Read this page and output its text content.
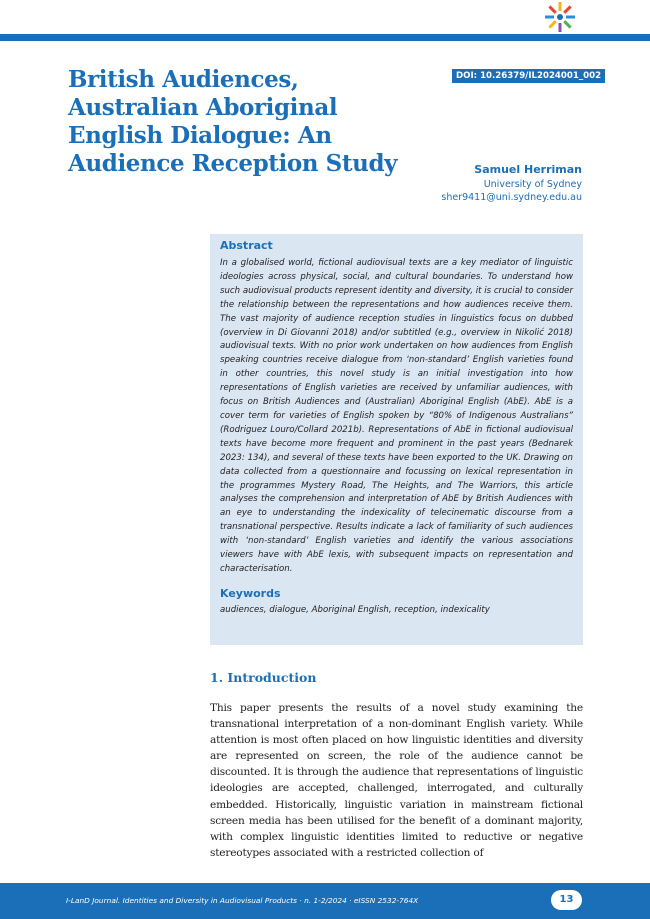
British Audiences, Australian Aboriginal English Dialogue: An Audience Reception Study
DOI: 10.26379/IL2024001_002
Samuel Herriman
University of Sydney
sher9411@uni.sydney.edu.au
Abstract

In a globalised world, fictional audiovisual texts are a key mediator of linguistic ideologies across physical, social, and cultural boundaries. To understand how such audiovisual products represent identity and diversity, it is crucial to consider the relationship between the representations and how audiences receive them. The vast majority of audience reception studies in linguistics focus on dubbed (overview in Di Giovanni 2018) and/or subtitled (e.g., overview in Nikolić 2018) audiovisual texts. With no prior work undertaken on how audiences from English speaking countries receive dialogue from ‘non-standard’ English varieties found in other countries, this novel study is an initial investigation into how representations of English varieties are received by unfamiliar audiences, with focus on British Audiences and (Australian) Aboriginal English (AbE). AbE is a cover term for varieties of English spoken by “80% of Indigenous Australians” (Rodriguez Louro/Collard 2021b). Representations of AbE in fictional audiovisual texts have become more frequent and prominent in the past years (Bednarek 2023: 134), and several of these texts have been exported to the UK. Drawing on data collected from a questionnaire and focussing on lexical representation in the programmes Mystery Road, The Heights, and The Warriors, this article analyses the comprehension and interpretation of AbE by British Audiences with an eye to understanding the indexicality of telecinematic discourse from a transnational perspective. Results indicate a lack of familiarity of such audiences with ‘non-standard’ English varieties and identify the various associations viewers have with AbE lexis, with subsequent impacts on representation and characterisation.

Keywords

audiences, dialogue, Aboriginal English, reception, indexicality

1. Introduction

This paper presents the results of a novel study examining the transnational interpretation of a non-dominant English variety. While attention is most often placed on how linguistic identities and diversity are represented on screen, the role of the audience cannot be discounted. It is through the audience that representations of linguistic ideologies are accepted, challenged, interrogated, and culturally embedded. Historically, linguistic variation in mainstream fictional screen media has been utilised for the benefit of a dominant majority, with complex linguistic identities limited to reductive or negative stereotypes associated with a restricted collection of

I-LanD Journal. Identities and Diversity in Audiovisual Products · n. 1-2/2024 · eISSN 2532-764X	13
